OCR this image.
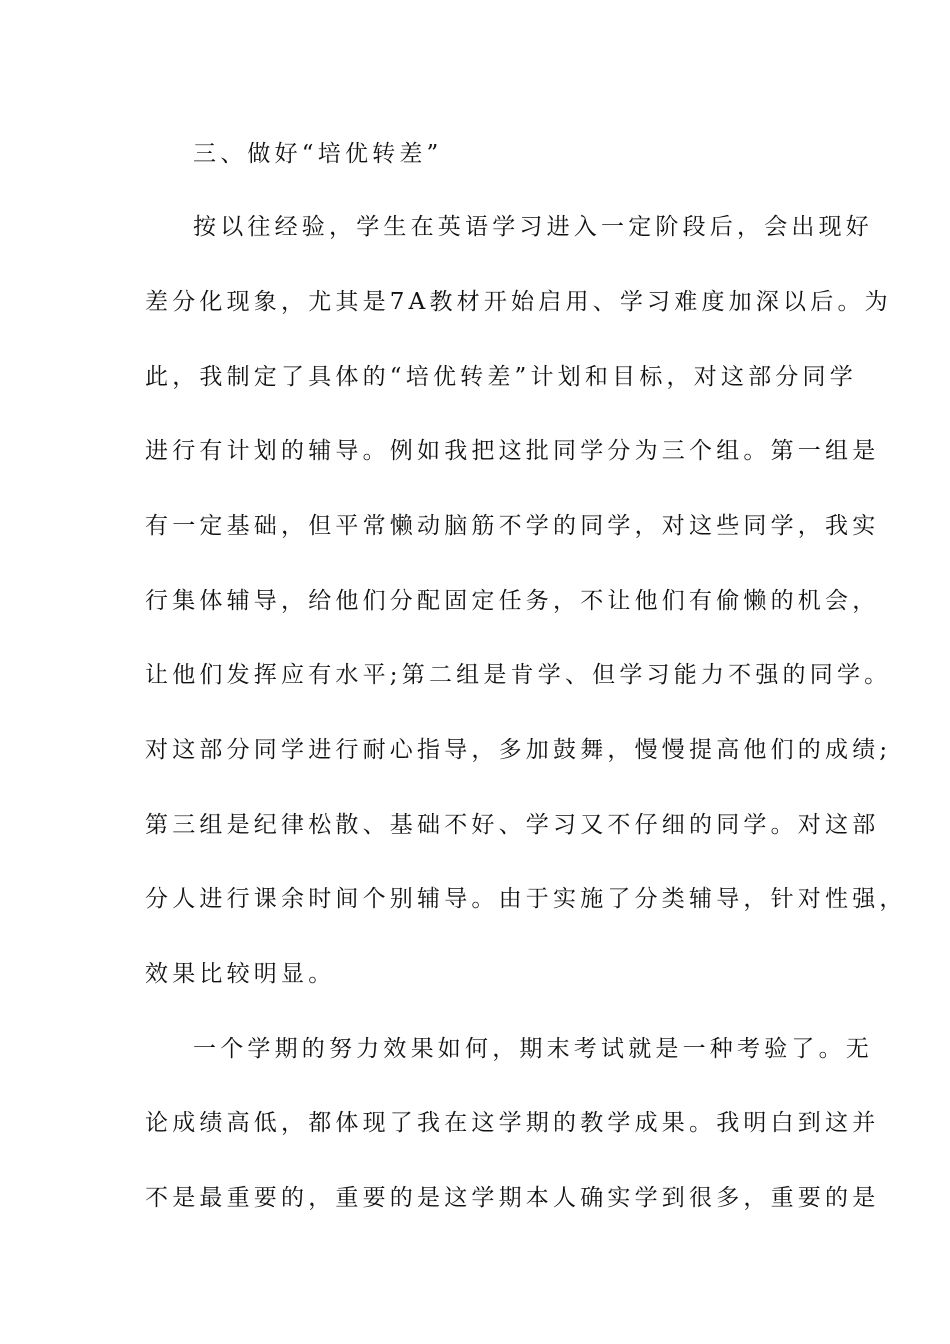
三、做好“培优转差”
按以往经验，学生在英语学习进入一定阶段后，会出现好
差分化现象，尤其是7A教材开始启用、学习难度加深以后。为
此，我制定了具体的“培优转差”计划和目标，对这部分同学
进行有计划的辅导。例如我把这批同学分为三个组。第一组是
有一定基础，但平常懒动脑筋不学的同学，对这些同学，我实
行集体辅导，给他们分配固定任务，不让他们有偷懒的机会，
让他们发挥应有水平;第二组是肯学、但学习能力不强的同学。
对这部分同学进行耐心指导，多加鼓舞，慢慢提高他们的成绩;
第三组是纪律松散、基础不好、学习又不仔细的同学。对这部
分人进行课余时间个别辅导。由于实施了分类辅导，针对性强，
效果比较明显。
一个学期的努力效果如何，期末考试就是一种考验了。无
论成绩高低，都体现了我在这学期的教学成果。我明白到这并
不是最重要的，重要的是这学期本人确实学到很多，重要的是
